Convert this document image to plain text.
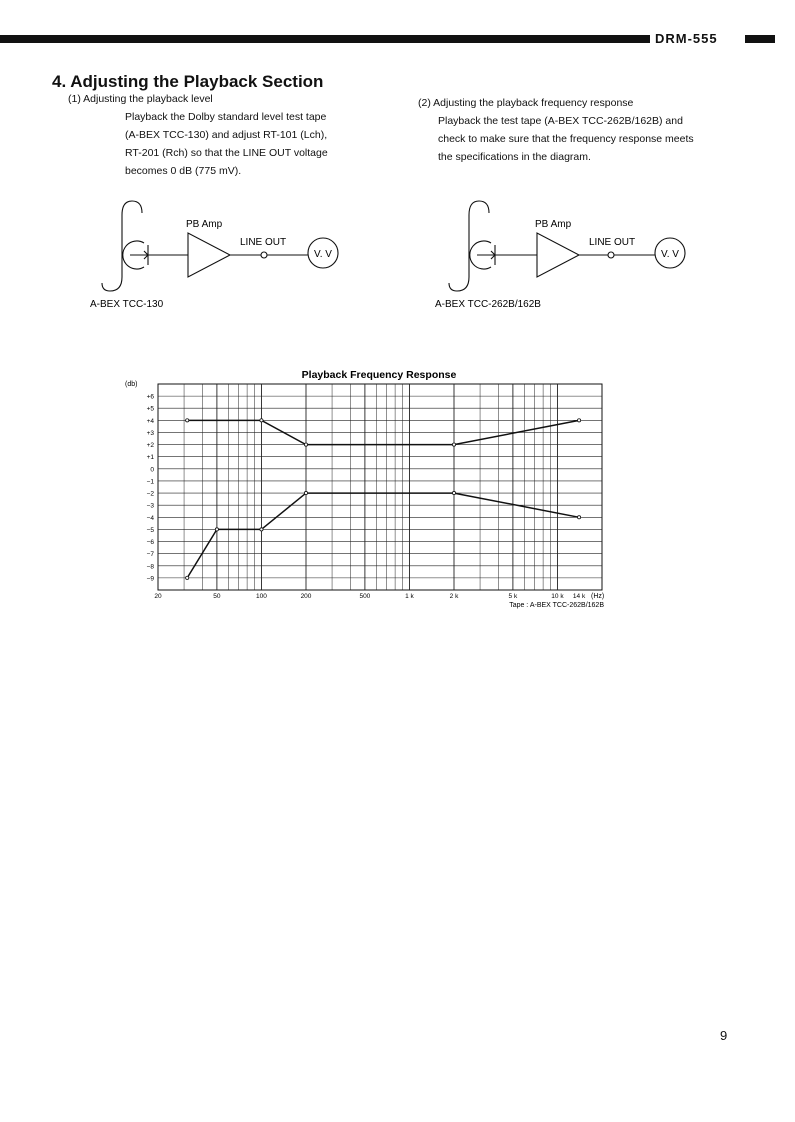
DRM-555
4. Adjusting the Playback Section
(1) Adjusting the playback level
Playback the Dolby standard level test tape
(A-BEX TCC-130) and adjust RT-101 (Lch),
RT-201 (Rch) so that the LINE OUT voltage
becomes 0 dB (775 mV).
(2) Adjusting the playback frequency response
Playback the test tape (A-BEX TCC-262B/162B) and
check to make sure that the frequency response meets
the specifications in the diagram.
PB Amp
LINE OUT
V. V
A-BEX TCC-130
PB Amp
LINE OUT
V. V
A-BEX TCC-262B/162B
Playback Frequency Response
(db)
(Hz)
Tape : A-BEX TCC-262B/162B
+6
+5
+4
+3
+2
+1
0
−1
−2
−3
−4
−5
−6
−7
−8
−9
20	50	100	200	500	1 k	2 k	5 k	10 k 14 k
9
